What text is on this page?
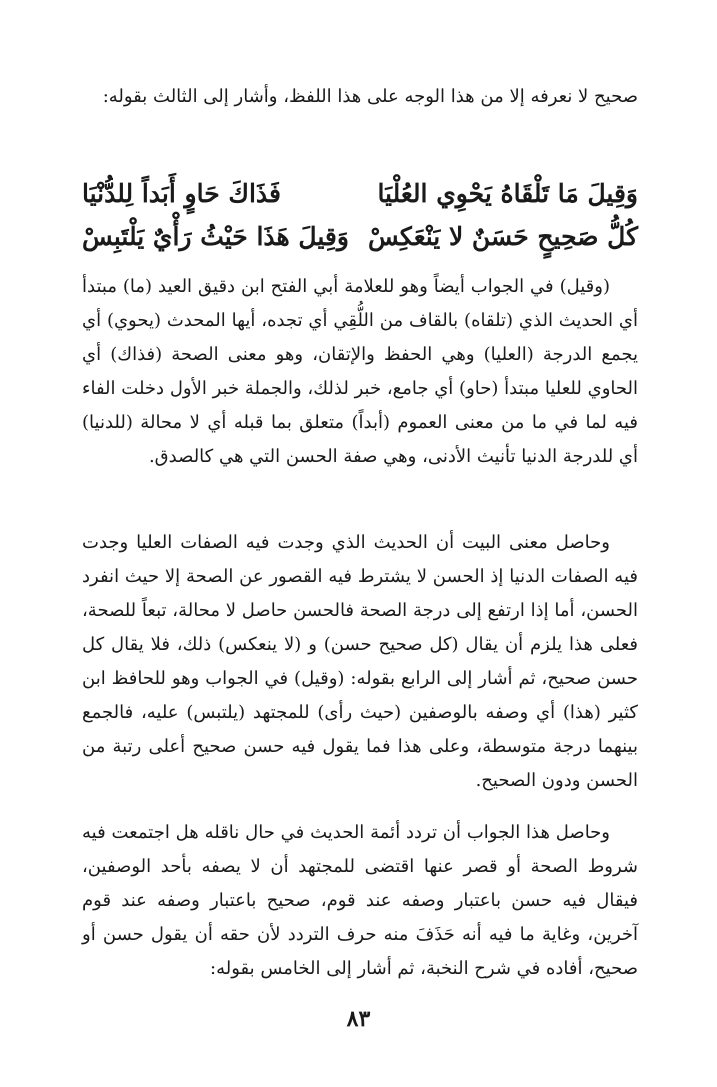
صحيح لا نعرفه إلا من هذا الوجه على هذا اللفظ، وأشار إلى الثالث بقوله:

وَقِيلَ مَا تَلْقَاهُ يَحْوِي العُلْيَا
فَذَاكَ حَاوٍ أَبَداً لِلدُّنْيَا
كُلُّ صَحِيحٍ حَسَنٌ لا يَنْعَكِسْ
وَقِيلَ هَذَا حَيْثُ رَأْيٌ يَلْتَبِسْ

(وقيل) في الجواب أيضاً وهو للعلامة أبي الفتح ابن دقيق العيد (ما) مبتدأ أي الحديث الذي (تلقاه) بالقاف من اللُّقِي أي تجده، أيها المحدث (يحوي) أي يجمع الدرجة (العليا) وهي الحفظ والإتقان، وهو معنى الصحة (فذاك) أي الحاوي للعليا مبتدأ (حاو) أي جامع، خبر لذلك، والجملة خبر الأول دخلت الفاء فيه لما في ما من معنى العموم (أبداً) متعلق بما قبله أي لا محالة (للدنيا) أي للدرجة الدنيا تأنيث الأدنى، وهي صفة الحسن التي هي كالصدق.

وحاصل معنى البيت أن الحديث الذي وجدت فيه الصفات العليا وجدت فيه الصفات الدنيا إذ الحسن لا يشترط فيه القصور عن الصحة إلا حيث انفرد الحسن، أما إذا ارتفع إلى درجة الصحة فالحسن حاصل لا محالة، تبعاً للصحة، فعلى هذا يلزم أن يقال (كل صحيح حسن) و (لا ينعكس) ذلك، فلا يقال كل حسن صحيح، ثم أشار إلى الرابع بقوله: (وقيل) في الجواب وهو للحافظ ابن كثير (هذا) أي وصفه بالوصفين (حيث رأى) للمجتهد (يلتبس) عليه، فالجمع بينهما درجة متوسطة، وعلى هذا فما يقول فيه حسن صحيح أعلى رتبة من الحسن ودون الصحيح.

وحاصل هذا الجواب أن تردد أئمة الحديث في حال ناقله هل اجتمعت فيه شروط الصحة أو قصر عنها اقتضى للمجتهد أن لا يصفه بأحد الوصفين، فيقال فيه حسن باعتبار وصفه عند قوم، صحيح باعتبار وصفه عند قوم آخرين، وغاية ما فيه أنه حَذَفَ منه حرف التردد لأن حقه أن يقول حسن أو صحيح، أفاده في شرح النخبة، ثم أشار إلى الخامس بقوله:

٨٣
